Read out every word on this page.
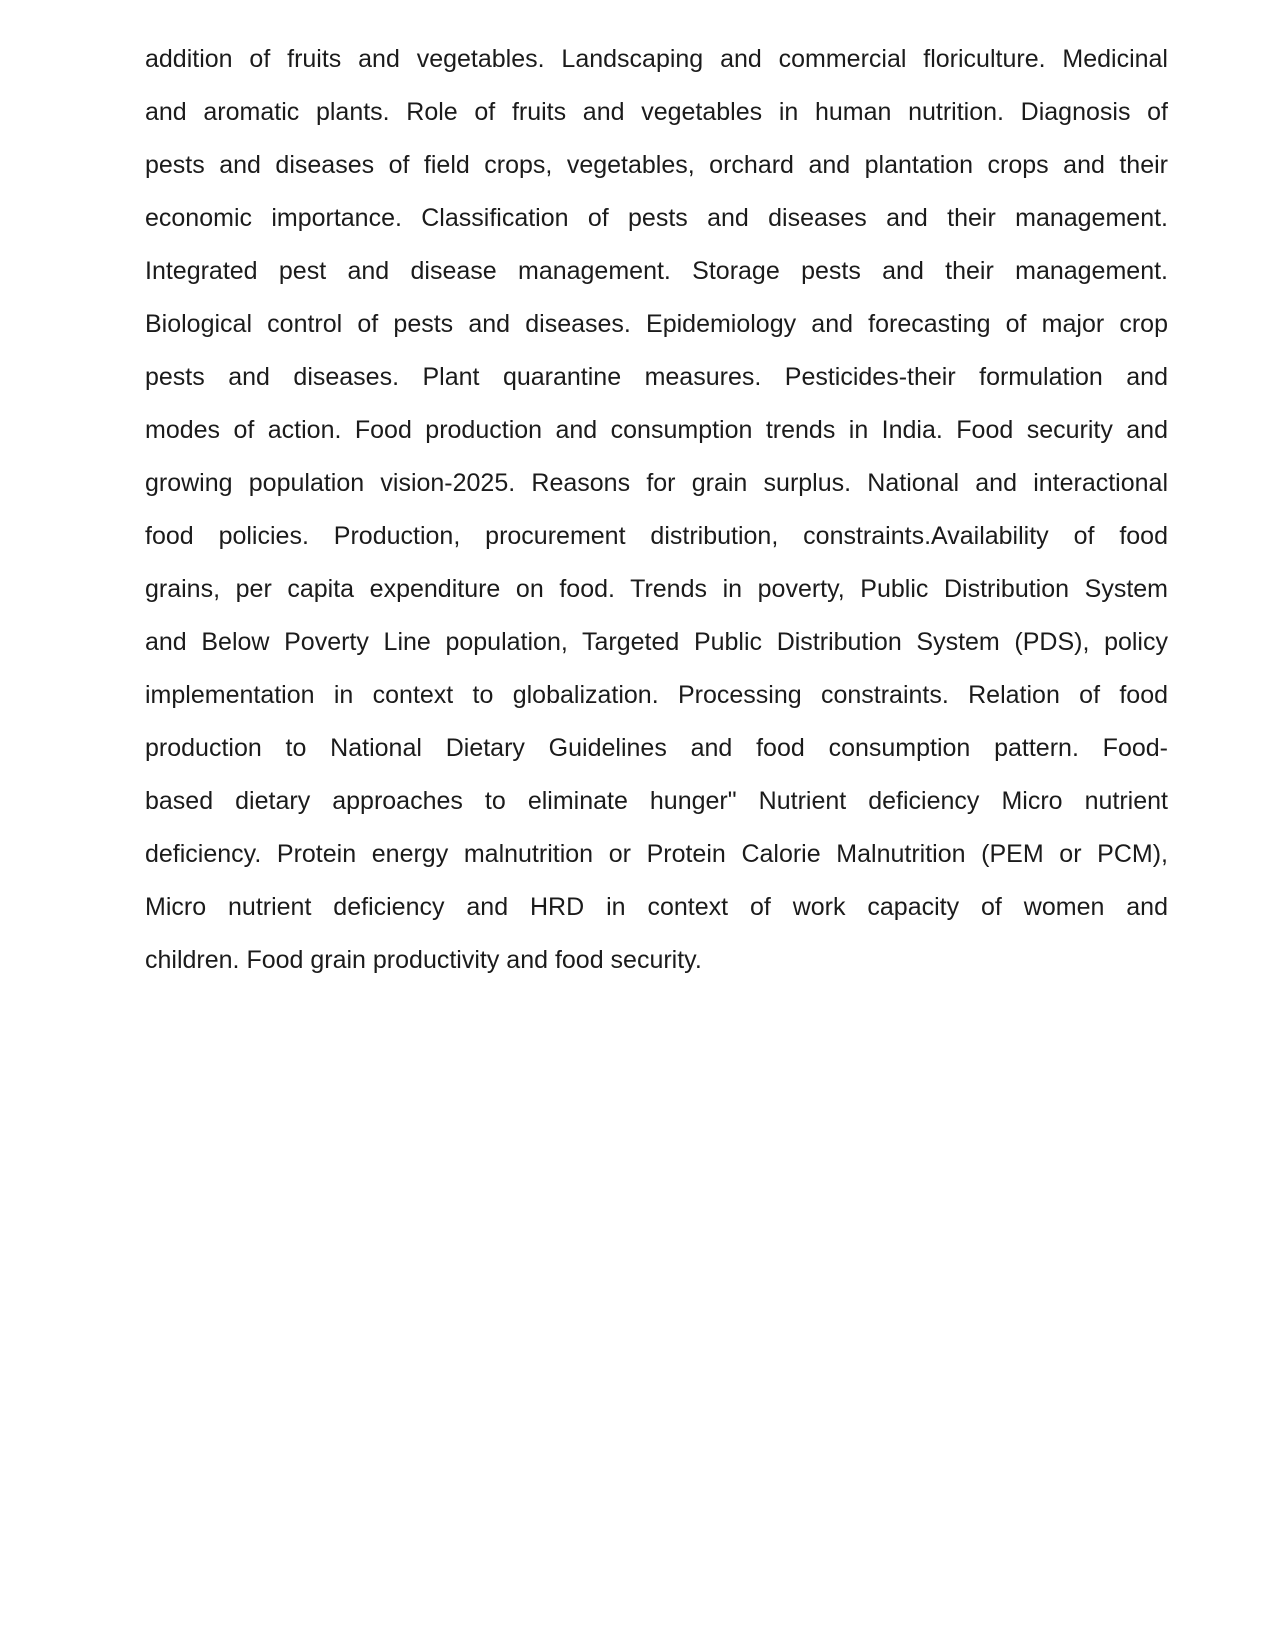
addition of fruits and vegetables. Landscaping and commercial floriculture. Medicinal
and aromatic plants. Role of fruits and vegetables in human nutrition. Diagnosis of
pests and diseases of field crops, vegetables, orchard and plantation crops and their
economic importance. Classification of pests and diseases and their management.
Integrated pest and disease management. Storage pests and their management.
Biological control of pests and diseases. Epidemiology and forecasting of major crop
pests and diseases. Plant quarantine measures. Pesticides-their formulation and
modes of action. Food production and consumption trends in India. Food security and
growing population vision-2025. Reasons for grain surplus. National and interactional
food policies. Production, procurement distribution, constraints.Availability of food
grains, per capita expenditure on food. Trends in poverty, Public Distribution System
and Below Poverty Line population, Targeted Public Distribution System (PDS), policy
implementation in context to globalization. Processing constraints. Relation of food
production to National Dietary Guidelines and food consumption pattern. Food-
based dietary approaches to eliminate hunger" Nutrient deficiency Micro nutrient
deficiency. Protein energy malnutrition or Protein Calorie Malnutrition (PEM or PCM),
Micro nutrient deficiency and HRD in context of work capacity of women and
children. Food grain productivity and food security.
